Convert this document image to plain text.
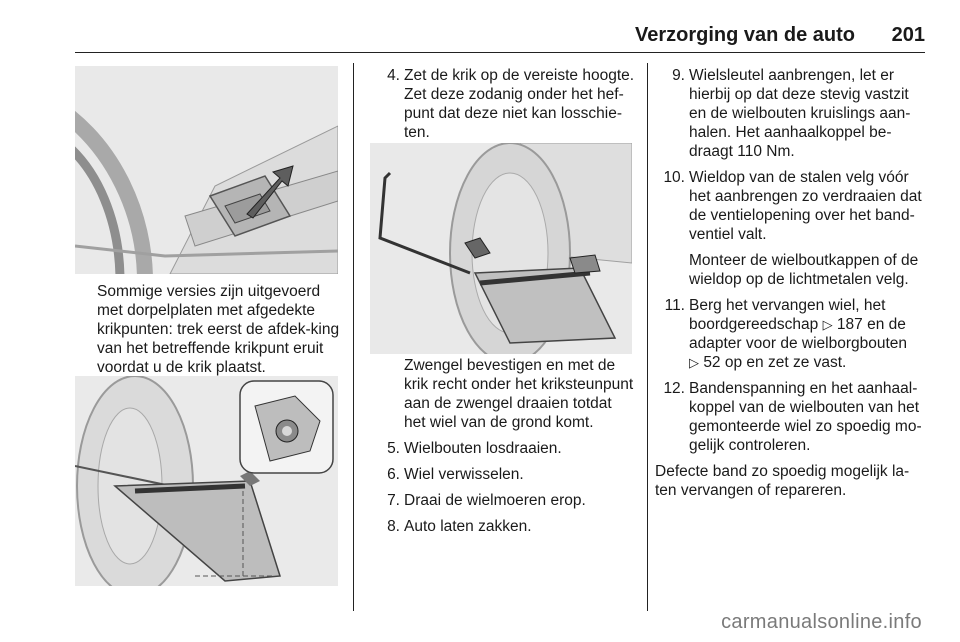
Verzorging van de auto 201
Sommige versies zijn uitgevoerd met dorpelplaten met afgedekte krikpunten: trek eerst de afdek-king van het betreffende krikpunt eruit voordat u de krik plaatst.
4. Zet de krik op de vereiste hoogte. Zet deze zodanig onder het hef-punt dat deze niet kan losschie-ten.
Zwengel bevestigen en met de krik recht onder het kriksteunpunt aan de zwengel draaien totdat het wiel van de grond komt.
5. Wielbouten losdraaien.
6. Wiel verwisselen.
7. Draai de wielmoeren erop.
8. Auto laten zakken.
9. Wielsleutel aanbrengen, let er hierbij op dat deze stevig vastzit en de wielbouten kruislings aan-halen. Het aanhaalkoppel be-draagt 110 Nm.
10. Wieldop van de stalen velg vóór het aanbrengen zo verdraaien dat de ventielopening over het band-ventiel valt.
Monteer de wielboutkappen of de wieldop op de lichtmetalen velg.
11. Berg het vervangen wiel, het boordgereedschap ▷ 187 en de adapter voor de wielborgbouten
▷ 52 op en zet ze vast.
12. Bandenspanning en het aanhaal-koppel van de wielbouten van het gemonteerde wiel zo spoedig mo-gelijk controleren.
Defecte band zo spoedig mogelijk la-ten vervangen of repareren.
carmanualsonline.info
